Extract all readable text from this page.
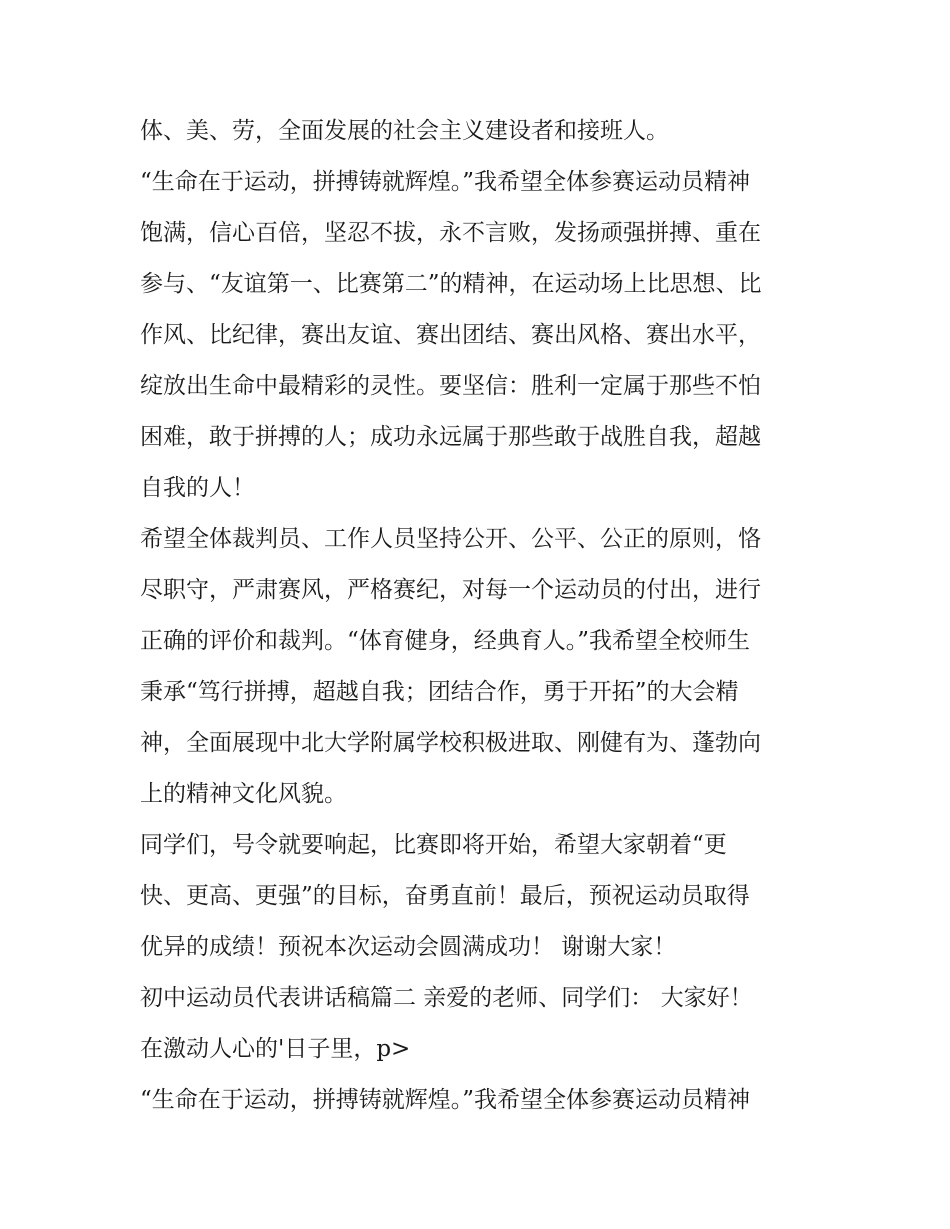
体、美、劳，全面发展的社会主义建设者和接班人。
“生命在于运动，拼搏铸就辉煌。”我希望全体参赛运动员精神
饱满，信心百倍，坚忍不拔，永不言败，发扬顽强拼搏、重在
参与、“友谊第一、比赛第二”的精神，在运动场上比思想、比
作风、比纪律，赛出友谊、赛出团结、赛出风格、赛出水平，
绽放出生命中最精彩的灵性。要坚信：胜利一定属于那些不怕
困难，敢于拼搏的人；成功永远属于那些敢于战胜自我，超越
自我的人！
希望全体裁判员、工作人员坚持公开、公平、公正的原则，恪
尽职守，严肃赛风，严格赛纪，对每一个运动员的付出，进行
正确的评价和裁判。“体育健身，经典育人。”我希望全校师生
秉承“笃行拼搏，超越自我；团结合作，勇于开拓”的大会精
神，全面展现中北大学附属学校积极进取、刚健有为、蓬勃向
上的精神文化风貌。
同学们，号令就要响起，比赛即将开始，希望大家朝着“更
快、更高、更强”的目标，奋勇直前！最后，预祝运动员取得
优异的成绩！预祝本次运动会圆满成功！ 谢谢大家！
初中运动员代表讲话稿篇二 亲爱的老师、同学们： 大家好！
在激动人心的'日子里，p>
“生命在于运动，拼搏铸就辉煌。”我希望全体参赛运动员精神
